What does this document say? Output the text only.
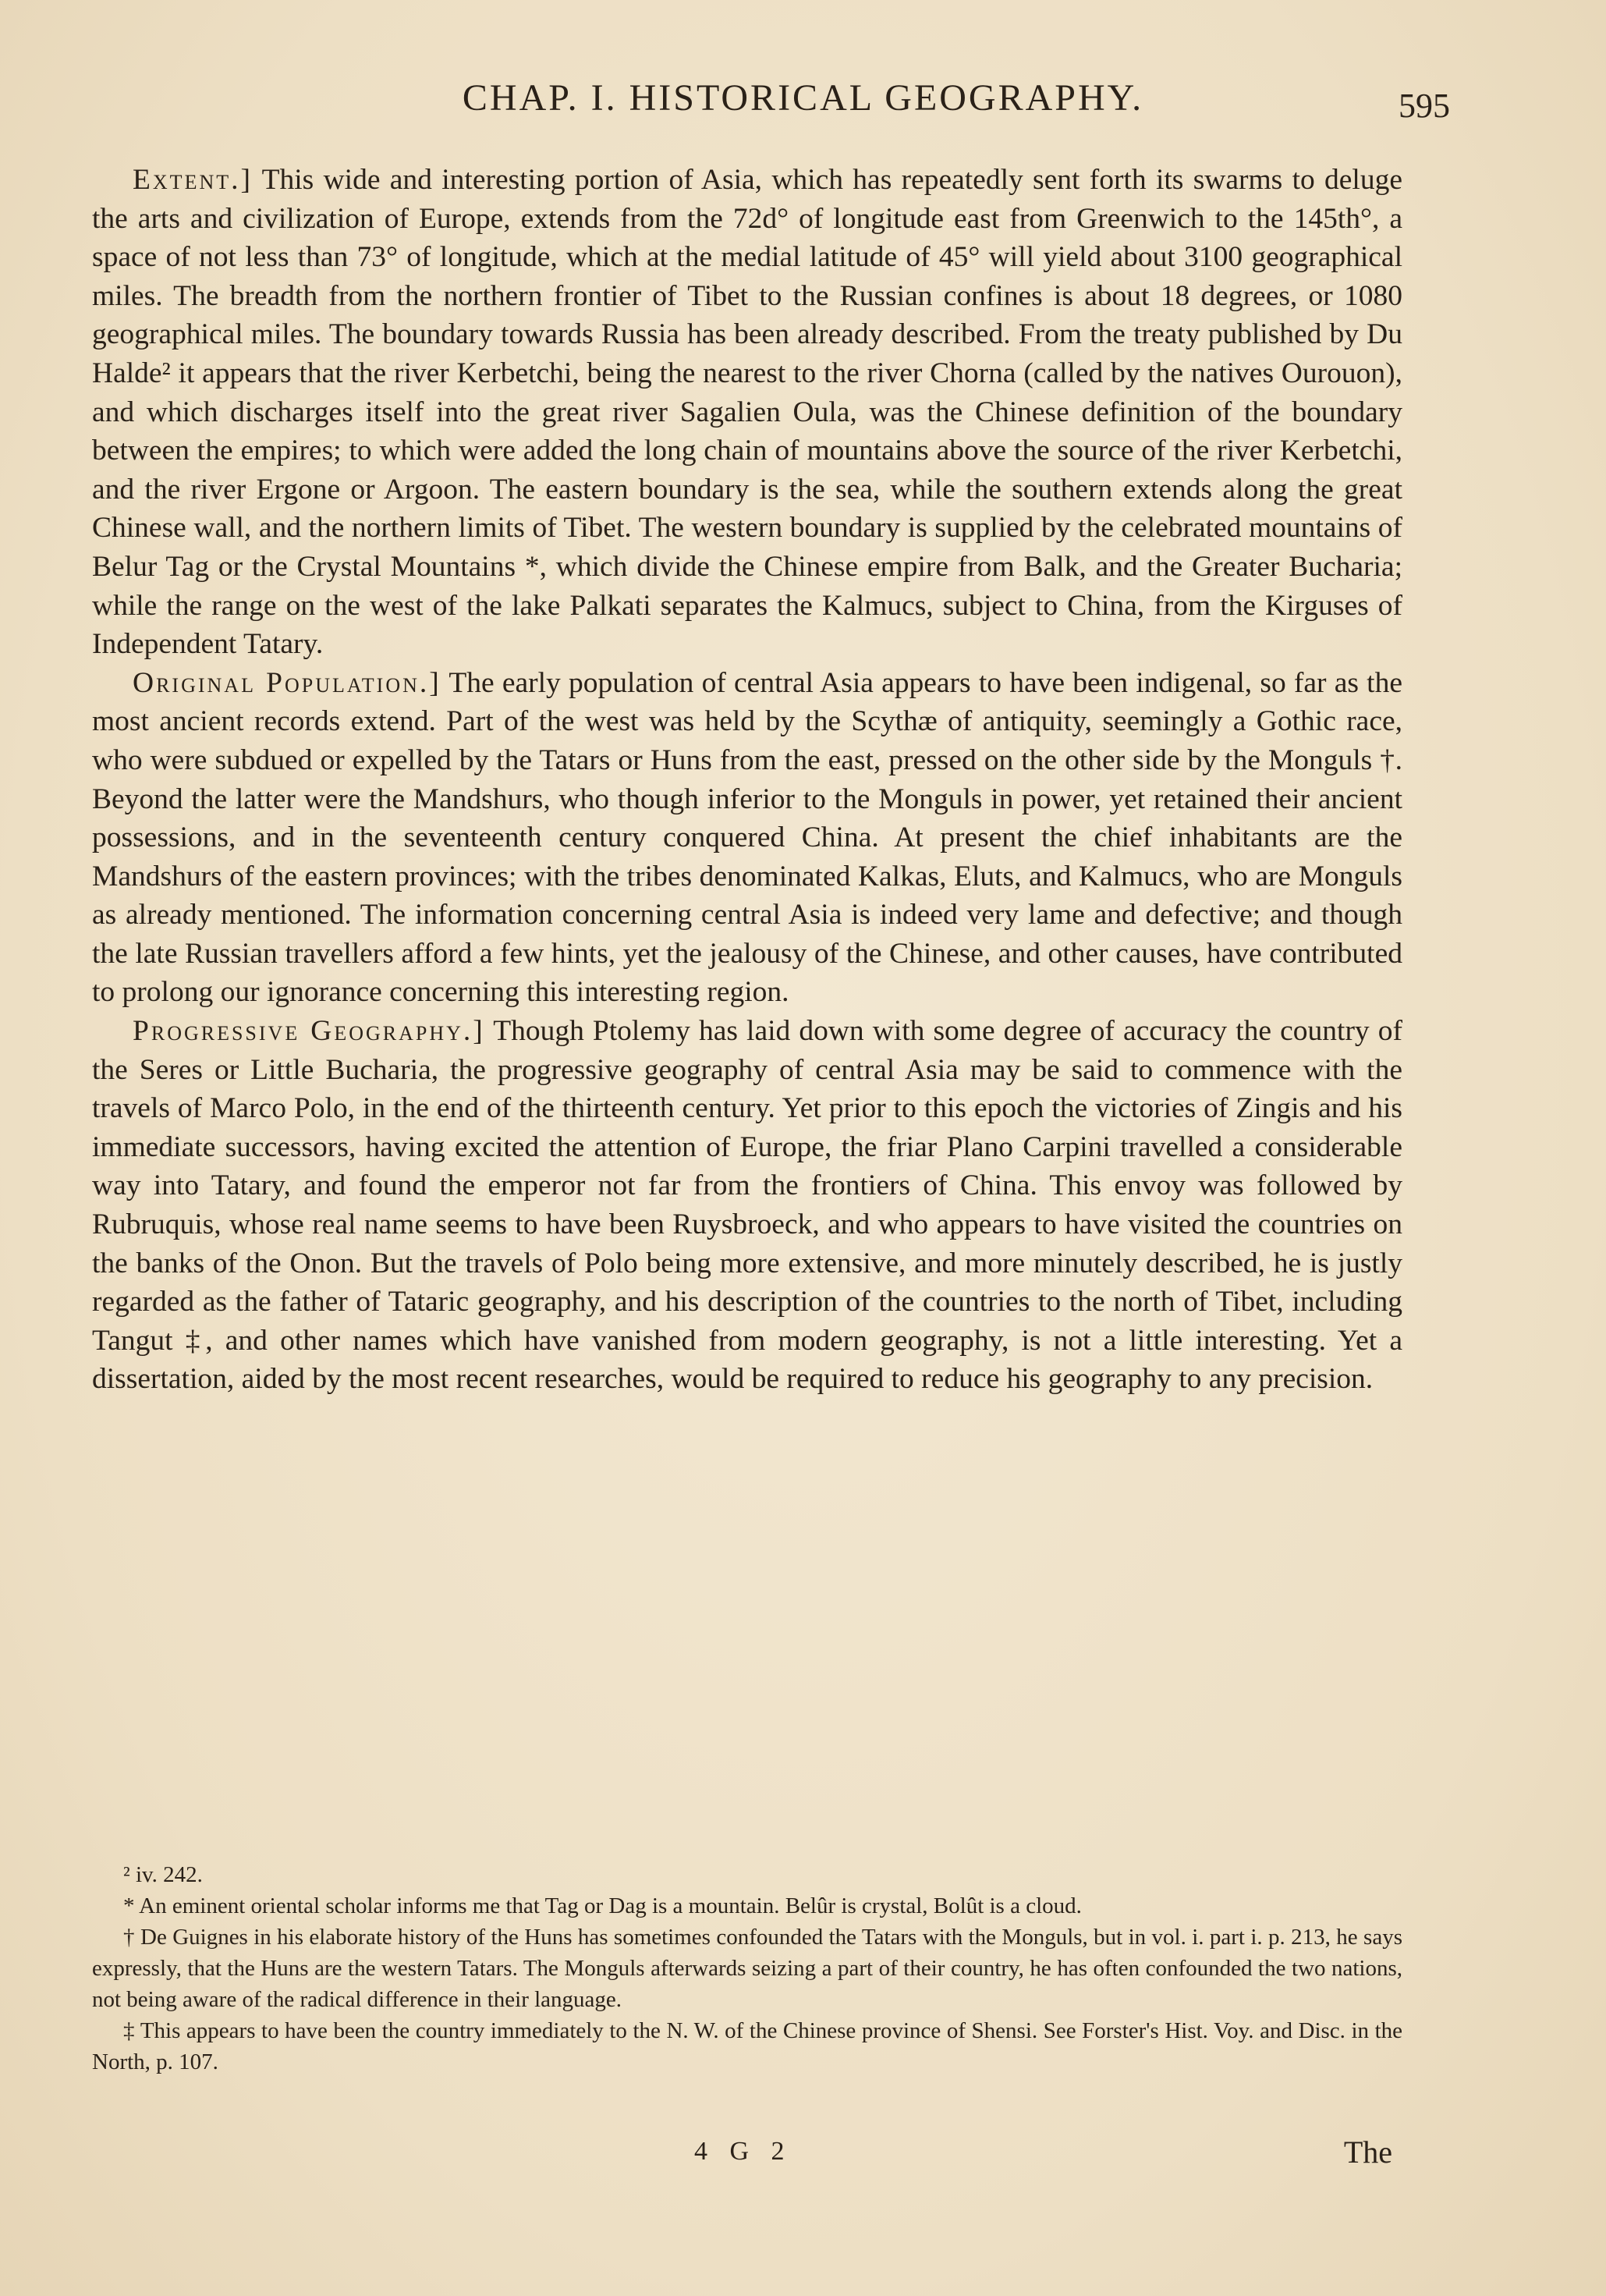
CHAP. I. HISTORICAL GEOGRAPHY.	595

Extent.] This wide and interesting portion of Asia, which has repeatedly sent forth its swarms to deluge the arts and civilization of Europe, extends from the 72d° of longitude east from Greenwich to the 145th°, a space of not less than 73° of longitude, which at the medial latitude of 45° will yield about 3100 geographical miles. The breadth from the northern frontier of Tibet to the Russian confines is about 18 degrees, or 1080 geographical miles. The boundary towards Russia has been already described. From the treaty published by Du Halde² it appears that the river Kerbetchi, being the nearest to the river Chorna (called by the natives Ourouon), and which discharges itself into the great river Sagalien Oula, was the Chinese definition of the boundary between the empires; to which were added the long chain of mountains above the source of the river Kerbetchi, and the river Ergone or Argoon. The eastern boundary is the sea, while the southern extends along the great Chinese wall, and the northern limits of Tibet. The western boundary is supplied by the celebrated mountains of Belur Tag or the Crystal Mountains *, which divide the Chinese empire from Balk, and the Greater Bucharia; while the range on the west of the lake Palkati separates the Kalmucs, subject to China, from the Kirguses of Independent Tatary.

Original Population.] The early population of central Asia appears to have been indigenal, so far as the most ancient records extend. Part of the west was held by the Scythæ of antiquity, seemingly a Gothic race, who were subdued or expelled by the Tatars or Huns from the east, pressed on the other side by the Monguls †. Beyond the latter were the Mandshurs, who though inferior to the Monguls in power, yet retained their ancient possessions, and in the seventeenth century conquered China. At present the chief inhabitants are the Mandshurs of the eastern provinces; with the tribes denominated Kalkas, Eluts, and Kalmucs, who are Monguls as already mentioned. The information concerning central Asia is indeed very lame and defective; and though the late Russian travellers afford a few hints, yet the jealousy of the Chinese, and other causes, have contributed to prolong our ignorance concerning this interesting region.

Progressive Geography.] Though Ptolemy has laid down with some degree of accuracy the country of the Seres or Little Bucharia, the progressive geography of central Asia may be said to commence with the travels of Marco Polo, in the end of the thirteenth century. Yet prior to this epoch the victories of Zingis and his immediate successors, having excited the attention of Europe, the friar Plano Carpini travelled a considerable way into Tatary, and found the emperor not far from the frontiers of China. This envoy was followed by Rubruquis, whose real name seems to have been Ruysbroeck, and who appears to have visited the countries on the banks of the Onon. But the travels of Polo being more extensive, and more minutely described, he is justly regarded as the father of Tataric geography, and his description of the countries to the north of Tibet, including Tangut ‡, and other names which have vanished from modern geography, is not a little interesting. Yet a dissertation, aided by the most recent researches, would be required to reduce his geography to any precision.

² iv. 242.

* An eminent oriental scholar informs me that Tag or Dag is a mountain. Belûr is crystal, Bolût is a cloud.

† De Guignes in his elaborate history of the Huns has sometimes confounded the Tatars with the Monguls, but in vol. i. part i. p. 213, he says expressly, that the Huns are the western Tatars. The Monguls afterwards seizing a part of their country, he has often confounded the two nations, not being aware of the radical difference in their language.

‡ This appears to have been the country immediately to the N. W. of the Chinese province of Shensi. See Forster's Hist. Voy. and Disc. in the North, p. 107.

4 G 2	The
